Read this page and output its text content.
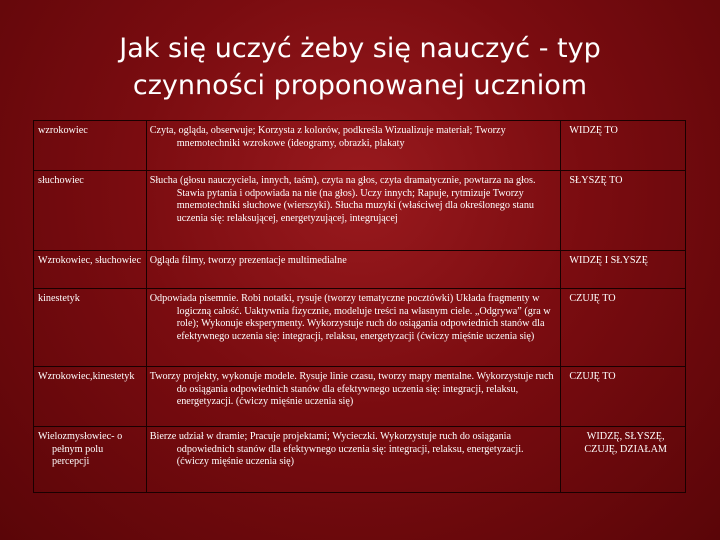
Jak się uczyć żeby się nauczyć - typ
czynności proponowanej uczniom
wzrokowiec	Czyta, ogląda, obserwuje; Korzysta z kolorów, podkreśla Wizualizuje materiał; Tworzy mnemotechniki wzrokowe (ideogramy, obrazki, plakaty	WIDZĘ TO
słuchowiec	Słucha (głosu nauczyciela, innych, taśm), czyta na głos, czyta dramatycznie, powtarza na głos. Stawia pytania i odpowiada na nie (na głos). Uczy innych; Rapuje, rytmizuje Tworzy mnemotechniki słuchowe (wierszyki). Słucha muzyki (właściwej dla określonego stanu uczenia się: relaksującej, energetyzującej, integrującej	SŁYSZĘ TO

Wzrokowiec, słuchowiec	Ogląda filmy, tworzy prezentacje multimedialne	WIDZĘ I SŁYSZĘ
kinestetyk	Odpowiada pisemnie. Robi notatki, rysuje (tworzy tematyczne pocztówki) Układa fragmenty w logiczną całość. Uaktywnia fizycznie, modeluje treści na własnym ciele. „Odgrywa” (gra w role); Wykonuje eksperymenty. Wykorzystuje ruch do osiągania odpowiednich stanów dla efektywnego uczenia się: integracji, relaksu, energetyzacji (ćwiczy mięśnie uczenia się)	CZUJĘ TO

Wzrokowiec,kinestetyk	Tworzy projekty, wykonuje modele. Rysuje linie czasu, tworzy mapy mentalne. Wykorzystuje ruch do osiągania odpowiednich stanów dla efektywnego uczenia się: integracji, relaksu, energetyzacji. (ćwiczy mięśnie uczenia się)	CZUJĘ TO

Wielozmysłowiec- o pełnym polu percepcji	Bierze udział w dramie; Pracuje projektami; Wycieczki. Wykorzystuje ruch do osiągania odpowiednich stanów dla efektywnego uczenia się: integracji, relaksu, energetyzacji. (ćwiczy mięśnie uczenia się)	WIDZĘ, SŁYSZĘ, CZUJĘ, DZIAŁAM
